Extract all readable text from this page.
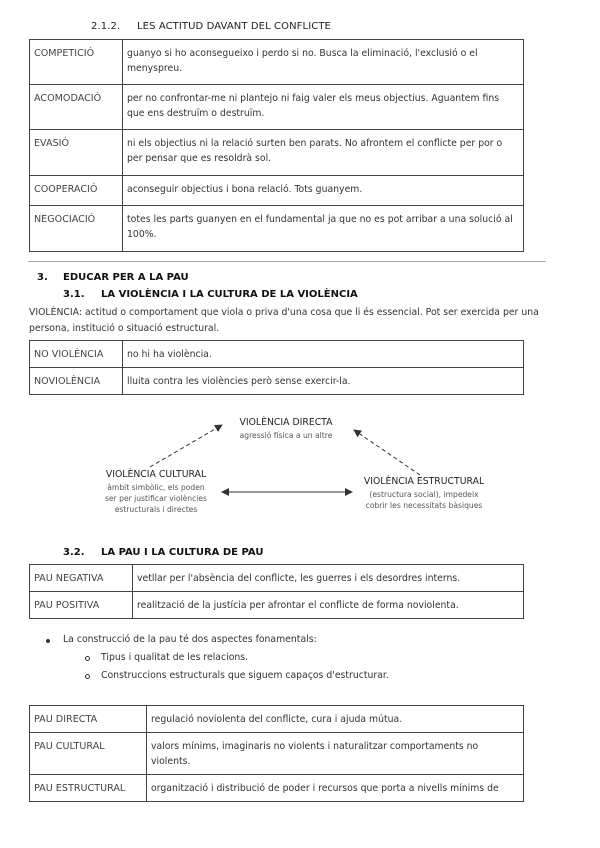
2.1.2. LES ACTITUD DAVANT DEL CONFLICTE
COMPETICIÓ	guanyo si ho aconsegueixo i perdo si no. Busca la eliminació, l'exclusió o el menyspreu.
ACOMODACIÓ	per no confrontar-me ni plantejo ni faig valer els meus objectius. Aguantem fins que ens destruïm o destruïm.
EVASIÓ	ni els objectius ni la relació surten ben parats. No afrontem el conflicte per por o per pensar que es resoldrà sol.
COOPERACIÓ	aconseguir objectius i bona relació. Tots guanyem.
NEGOCIACIÓ	totes les parts guanyen en el fundamental ja que no es pot arribar a una solució al 100%.
3. EDUCAR PER A LA PAU
3.1. LA VIOLÈNCIA I LA CULTURA DE LA VIOLÈNCIA
VIOLÈNCIA: actitud o comportament que viola o priva d'una cosa que li és essencial. Pot ser exercida per una persona, institució o situació estructural.
NO VIOLÈNCIA	no hi ha violència.
NOVIOLÈNCIA	lluita contra les violències però sense exercir-la.
VIOLÈNCIA DIRECTA
agressió física a un altre
VIOLÈNCIA CULTURAL
àmbit simbòlic, els poden
ser per justificar violències
estructurals i directes
VIOLÈNCIA ESTRUCTURAL
(estructura social), impedeix
cobrir les necessitats bàsiques
3.2. LA PAU I LA CULTURA DE PAU
PAU NEGATIVA	vetllar per l'absència del conflicte, les guerres i els desordres interns.
PAU POSITIVA	realització de la justícia per afrontar el conflicte de forma noviolenta.
La construcció de la pau té dos aspectes fonamentals:
Tipus i qualitat de les relacions.
Construccions estructurals que siguem capaços d'estructurar.
PAU DIRECTA	regulació noviolenta del conflicte, cura i ajuda mútua.
PAU CULTURAL	valors mínims, imaginaris no violents i naturalitzar comportaments no violents.
PAU ESTRUCTURAL	organització i distribució de poder i recursos que porta a nivells mínims de
